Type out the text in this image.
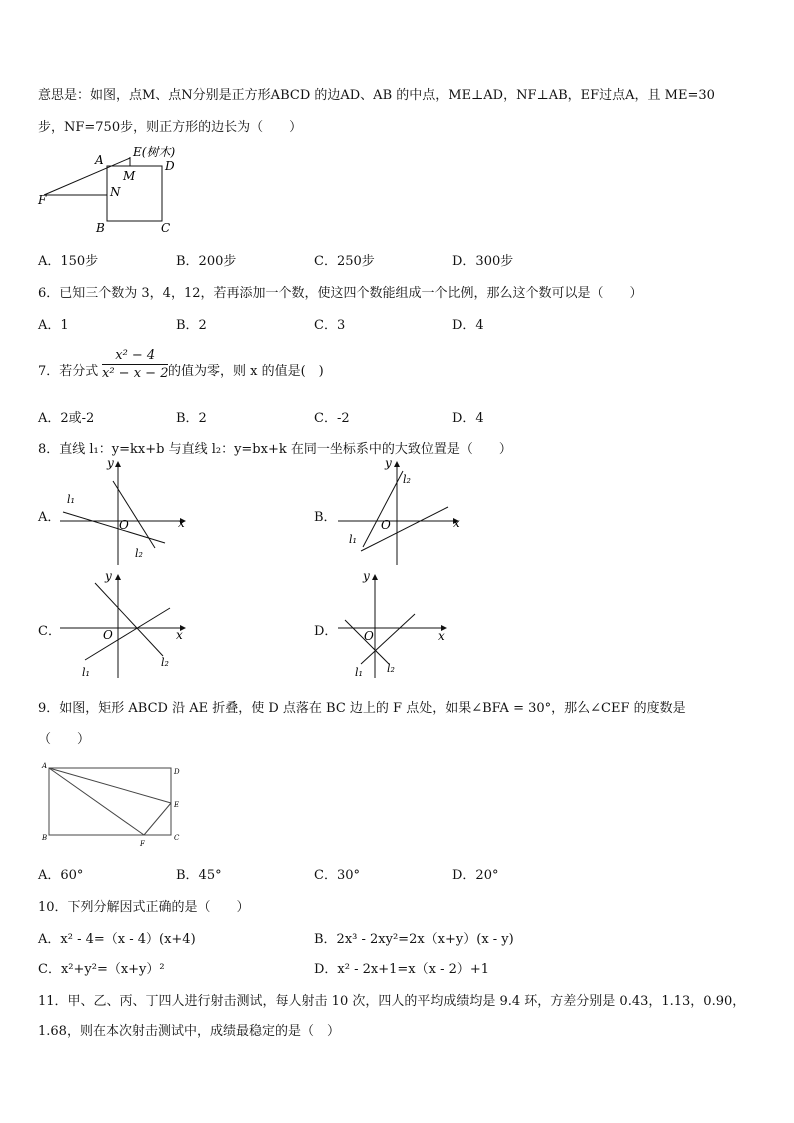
意思是：如图，点M、点N分别是正方形ABCD 的边AD、AB 的中点，ME⊥AD，NF⊥AB，EF过点A，且 ME=30
步，NF=750步，则正方形的边长为（　　）
A
E(树木)
M
D
N
F
B	C
A．150步	B．200步	C．250步	D．300步
6．已知三个数为 3，4，12，若再添加一个数，使这四个数能组成一个比例，那么这个数可以是（　　）
A．1	B．2	C．3	D．4
7．若分式 $\frac{\text{x² − 4}}{\text{x² − x − 2}}$ 的值为零，则 x 的值是(　)
A．2或-2	B．2	C．-2	D．4
8．直线 l₁：y=kx+b 与直线 l₂：y=bx+k 在同一坐标系中的大致位置是（　　）
A．
y
x
O
l₁
l₂
B．
y
x
O
l₁
l₂
C．
y
x
O
l₁
l₂
D．
y
x
O
l₁ l₂
9．如图，矩形 ABCD 沿 AE 折叠，使 D 点落在 BC 边上的 F 点处，如果∠BFA = 30°，那么∠CEF 的度数是
（　　）
A
D
E
B
F
C
A．60°	B．45°	C．30°	D．20°
10．下列分解因式正确的是（　　）
A．x² - 4=（x - 4）(x+4)	B．2x³ - 2xy²=2x（x+y）(x - y)
C．x²+y²=（x+y）²	D．x² - 2x+1=x（x - 2）+1
11．甲、乙、丙、丁四人进行射击测试，每人射击 10 次，四人的平均成绩均是 9.4 环，方差分别是 0.43，1.13，0.90，
1.68，则在本次射击测试中，成绩最稳定的是（　）
